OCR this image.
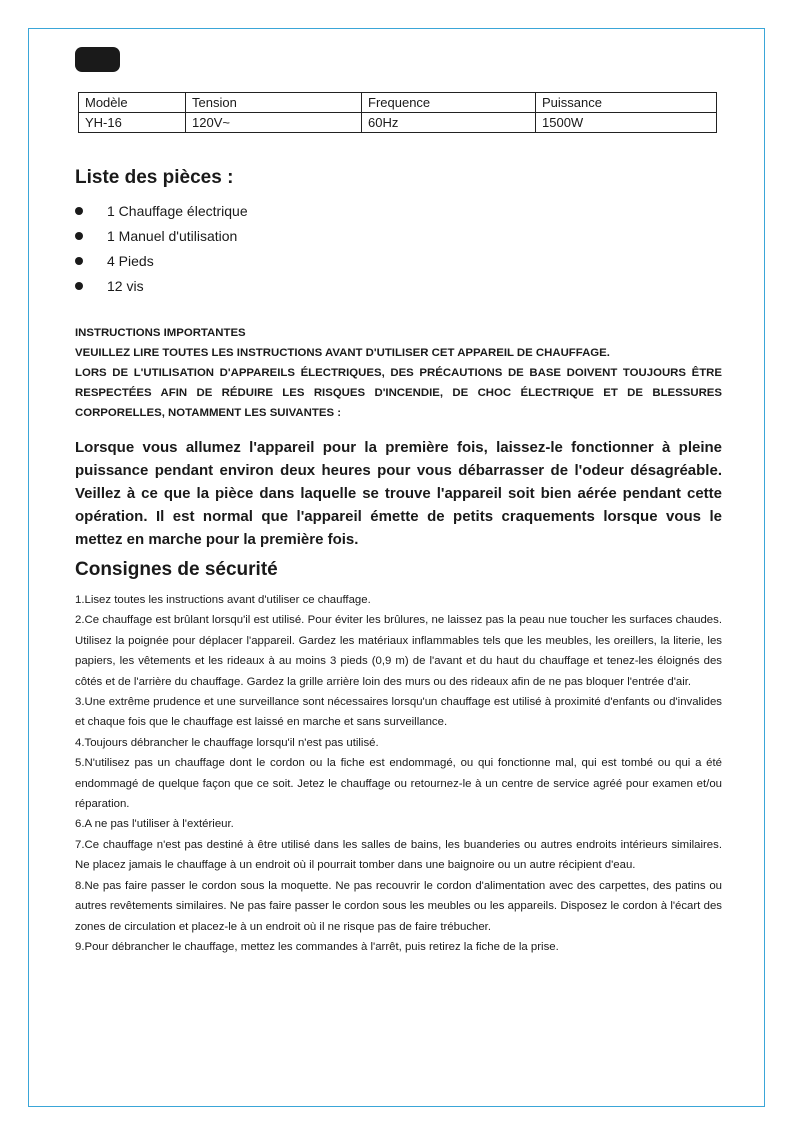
Modèle	Tension	Frequence	Puissance
YH-16	120V~	60Hz	1500W
Liste des pièces :
1 Chauffage électrique
1 Manuel d'utilisation
4 Pieds
12 vis

INSTRUCTIONS IMPORTANTES

VEUILLEZ LIRE TOUTES LES INSTRUCTIONS AVANT D'UTILISER CET APPAREIL DE CHAUFFAGE.

LORS DE L'UTILISATION D'APPAREILS ÉLECTRIQUES, DES PRÉCAUTIONS DE BASE DOIVENT TOUJOURS ÊTRE RESPECTÉES AFIN DE RÉDUIRE LES RISQUES D'INCENDIE, DE CHOC ÉLECTRIQUE ET DE BLESSURES CORPORELLES, NOTAMMENT LES SUIVANTES :

Lorsque vous allumez l'appareil pour la première fois, laissez-le fonctionner à pleine puissance pendant environ deux heures pour vous débarrasser de l'odeur désagréable. Veillez à ce que la pièce dans laquelle se trouve l'appareil soit bien aérée pendant cette opération. Il est normal que l'appareil émette de petits craquements lorsque vous le mettez en marche pour la première fois.

Consignes de sécurité

1.Lisez toutes les instructions avant d'utiliser ce chauffage.

2.Ce chauffage est brûlant lorsqu'il est utilisé. Pour éviter les brûlures, ne laissez pas la peau nue toucher les surfaces chaudes. Utilisez la poignée pour déplacer l'appareil. Gardez les matériaux inflammables tels que les meubles, les oreillers, la literie, les papiers, les vêtements et les rideaux à au moins 3 pieds (0,9 m) de l'avant et du haut du chauffage et tenez-les éloignés des côtés et de l'arrière du chauffage. Gardez la grille arrière loin des murs ou des rideaux afin de ne pas bloquer l'entrée d'air.

3.Une extrême prudence et une surveillance sont nécessaires lorsqu'un chauffage est utilisé à proximité d'enfants ou d'invalides et chaque fois que le chauffage est laissé en marche et sans surveillance.

4.Toujours débrancher le chauffage lorsqu'il n'est pas utilisé.

5.N'utilisez pas un chauffage dont le cordon ou la fiche est endommagé, ou qui fonctionne mal, qui est tombé ou qui a été endommagé de quelque façon que ce soit. Jetez le chauffage ou retournez-le à un centre de service agréé pour examen et/ou réparation.

6.A ne pas l'utiliser à l'extérieur.

7.Ce chauffage n'est pas destiné à être utilisé dans les salles de bains, les buanderies ou autres endroits intérieurs similaires. Ne placez jamais le chauffage à un endroit où il pourrait tomber dans une baignoire ou un autre récipient d'eau.

8.Ne pas faire passer le cordon sous la moquette. Ne pas recouvrir le cordon d'alimentation avec des carpettes, des patins ou autres revêtements similaires. Ne pas faire passer le cordon sous les meubles ou les appareils. Disposez le cordon à l'écart des zones de circulation et placez-le à un endroit où il ne risque pas de faire trébucher.

9.Pour débrancher le chauffage, mettez les commandes à l'arrêt, puis retirez la fiche de la prise.
